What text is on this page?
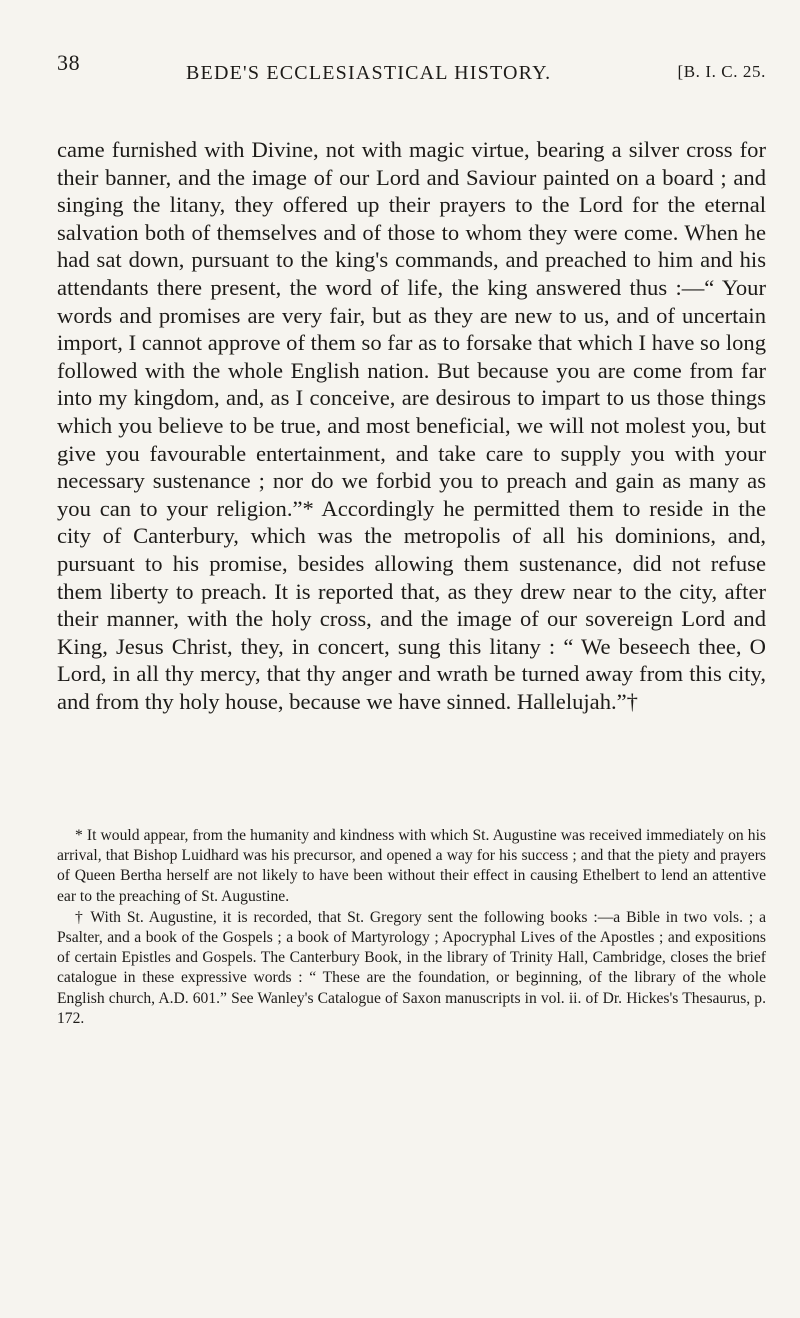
38	BEDE'S ECCLESIASTICAL HISTORY.	[B. I. C. 25.

came furnished with Divine, not with magic virtue, bearing a silver cross for their banner, and the image of our Lord and Saviour painted on a board ; and singing the litany, they offered up their prayers to the Lord for the eternal salvation both of themselves and of those to whom they were come. When he had sat down, pursuant to the king's commands, and preached to him and his attendants there present, the word of life, the king answered thus :—“ Your words and promises are very fair, but as they are new to us, and of uncertain import, I cannot approve of them so far as to forsake that which I have so long followed with the whole English nation. But because you are come from far into my kingdom, and, as I conceive, are desirous to impart to us those things which you believe to be true, and most beneficial, we will not molest you, but give you favourable entertainment, and take care to supply you with your necessary sustenance ; nor do we forbid you to preach and gain as many as you can to your religion.”* Accordingly he permitted them to reside in the city of Canterbury, which was the metropolis of all his dominions, and, pursuant to his promise, besides allowing them sustenance, did not refuse them liberty to preach. It is reported that, as they drew near to the city, after their manner, with the holy cross, and the image of our sovereign Lord and King, Jesus Christ, they, in concert, sung this litany : “ We beseech thee, O Lord, in all thy mercy, that thy anger and wrath be turned away from this city, and from thy holy house, because we have sinned. Hallelujah.”†

* It would appear, from the humanity and kindness with which St. Augustine was received immediately on his arrival, that Bishop Luidhard was his precursor, and opened a way for his success ; and that the piety and prayers of Queen Bertha herself are not likely to have been without their effect in causing Ethelbert to lend an attentive ear to the preaching of St. Augustine.

† With St. Augustine, it is recorded, that St. Gregory sent the following books :—a Bible in two vols. ; a Psalter, and a book of the Gospels ; a book of Martyrology ; Apocryphal Lives of the Apostles ; and expositions of certain Epistles and Gospels. The Canterbury Book, in the library of Trinity Hall, Cambridge, closes the brief catalogue in these expressive words : “ These are the foundation, or beginning, of the library of the whole English church, A.D. 601.” See Wanley's Catalogue of Saxon manuscripts in vol. ii. of Dr. Hickes's Thesaurus, p. 172.
